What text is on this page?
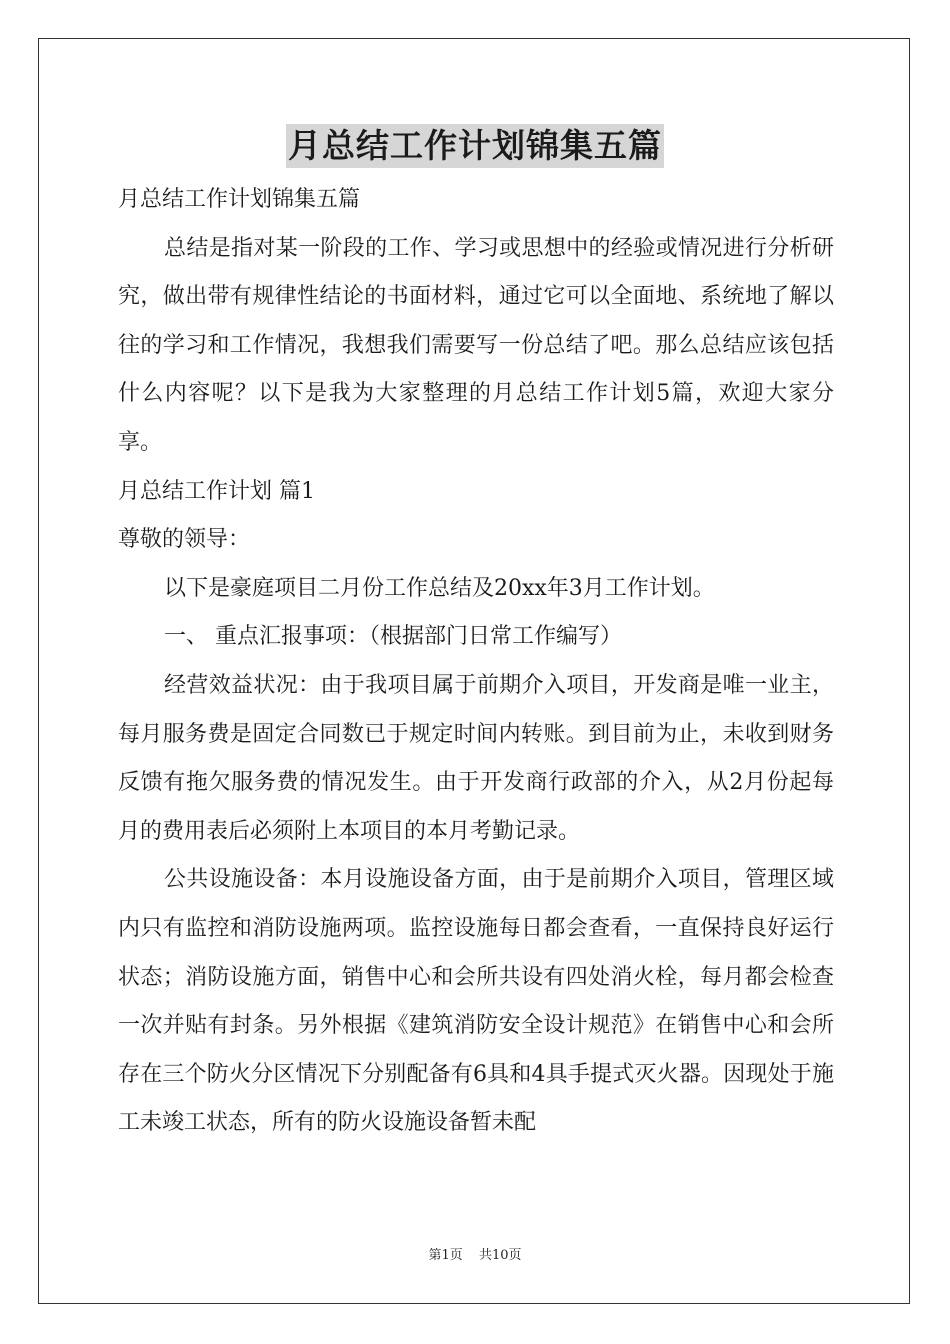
月总结工作计划锦集五篇

月总结工作计划锦集五篇

总结是指对某一阶段的工作、学习或思想中的经验或情况进行分析研究，做出带有规律性结论的书面材料，通过它可以全面地、系统地了解以往的学习和工作情况，我想我们需要写一份总结了吧。那么总结应该包括什么内容呢？以下是我为大家整理的月总结工作计划5篇，欢迎大家分享。

月总结工作计划 篇1

尊敬的领导：

以下是豪庭项目二月份工作总结及20xx年3月工作计划。

一、 重点汇报事项：（根据部门日常工作编写）

经营效益状况：由于我项目属于前期介入项目，开发商是唯一业主，每月服务费是固定合同数已于规定时间内转账。到目前为止，未收到财务反馈有拖欠服务费的情况发生。由于开发商行政部的介入，从2月份起每月的费用表后必须附上本项目的本月考勤记录。

公共设施设备：本月设施设备方面，由于是前期介入项目，管理区域内只有监控和消防设施两项。监控设施每日都会查看，一直保持良好运行状态；消防设施方面，销售中心和会所共设有四处消火栓，每月都会检查一次并贴有封条。另外根据《建筑消防安全设计规范》在销售中心和会所存在三个防火分区情况下分别配备有6具和4具手提式灭火器。因现处于施工未竣工状态，所有的防火设施设备暂未配

第1页 共10页
